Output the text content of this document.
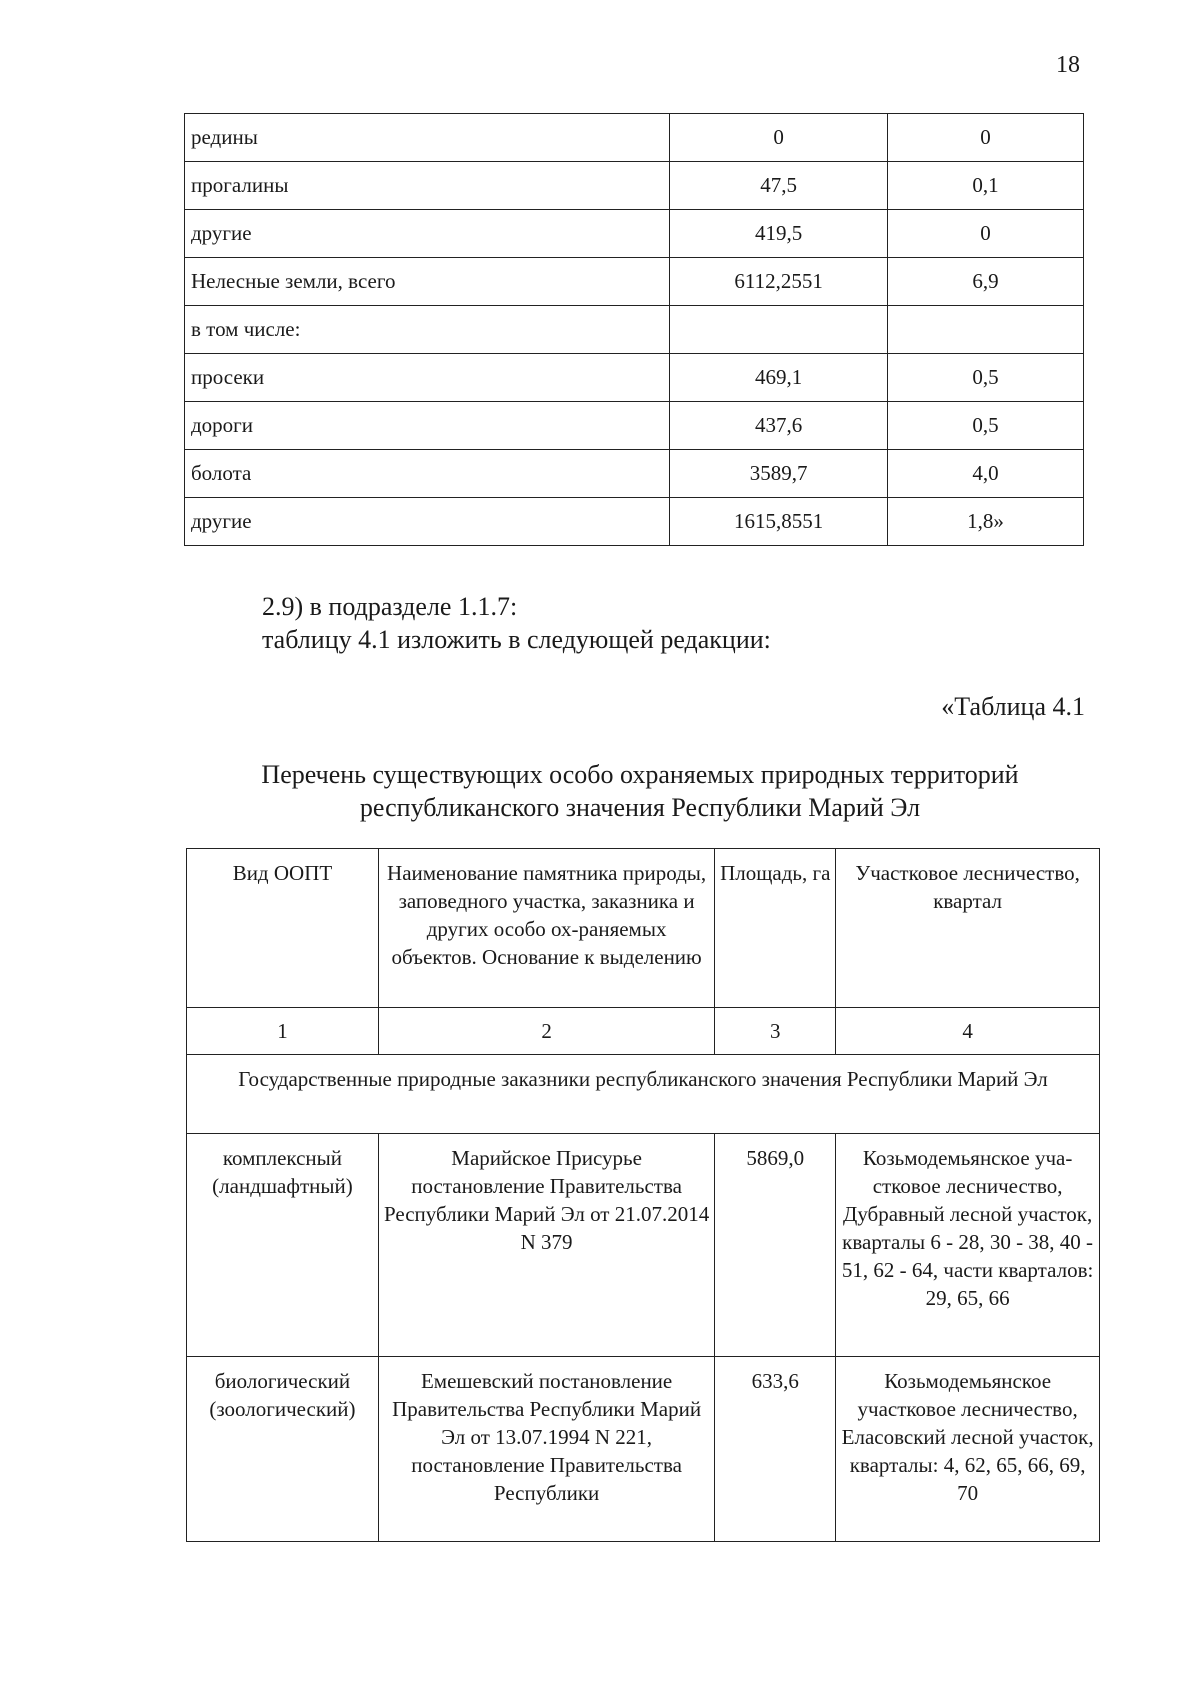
18
редины	0	0
прогалины	47,5	0,1
другие	419,5	0
Нелесные земли, всего	6112,2551	6,9
в том числе:		
просеки	469,1	0,5
дороги	437,6	0,5
болота	3589,7	4,0
другие	1615,8551	1,8»
2.9) в подразделе 1.1.7:
таблицу 4.1 изложить в следующей редакции:
«Таблица 4.1
Перечень существующих особо охраняемых природных территорий
республиканского значения Республики Марий Эл
Вид ООПТ	Наименование памятника природы, заповедного участка, заказника и других особо ох-раняемых объектов. Основание к выделению	Площадь, га	Участковое лесничество, квартал
1	2	3	4
Государственные природные заказники республиканского значения Республики Марий Эл			
комплексный (ландшафтный)	Марийское Присурье постановление Правительства Республики Марий Эл от 21.07.2014 N 379	5869,0	Козьмодемьянское уча-стковое лесничество, Дубравный лесной участок, кварталы 6 - 28, 30 - 38, 40 - 51, 62 - 64, части кварталов: 29, 65, 66
биологический (зоологический)	Емешевский постановление Правительства Республики Марий Эл от 13.07.1994 N 221, постановление Правительства Республики	633,6	Козьмодемьянское участковое лесничество, Еласовский лесной участок, кварталы: 4, 62, 65, 66, 69, 70
